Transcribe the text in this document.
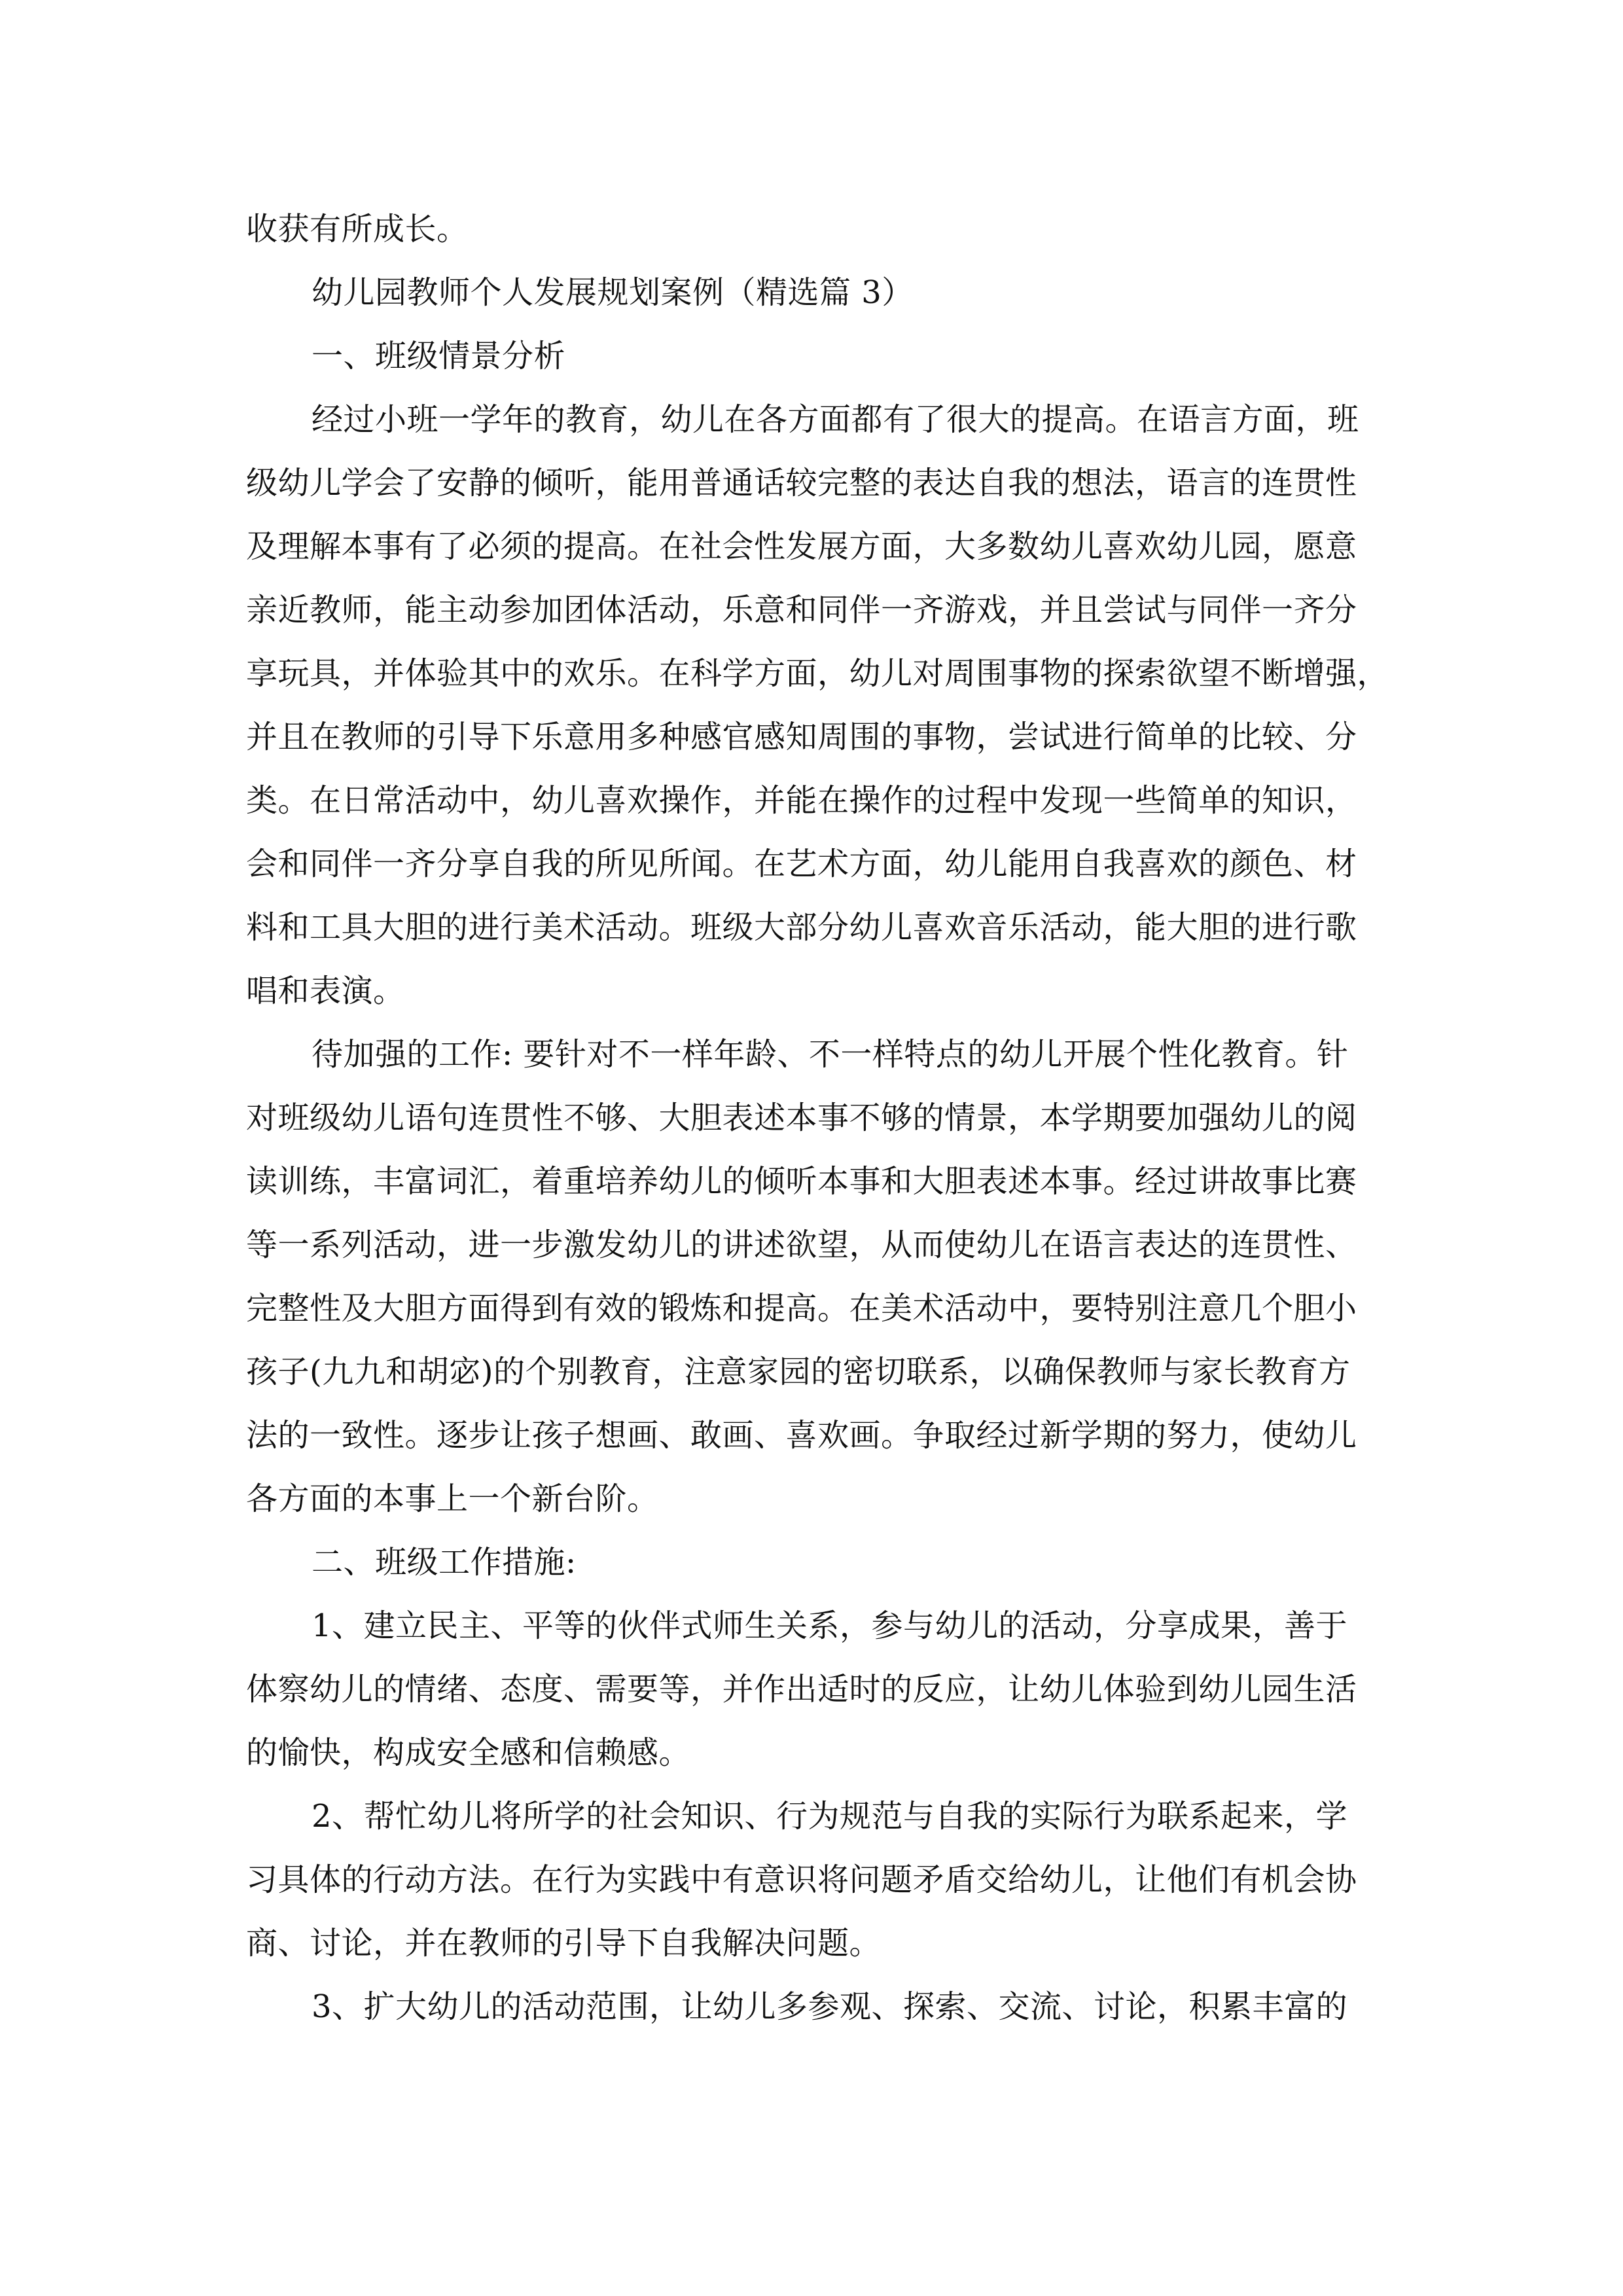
收获有所成长。
幼儿园教师个人发展规划案例（精选篇 3）
一、班级情景分析
经过小班一学年的教育，幼儿在各方面都有了很大的提高。在语言方面，班
级幼儿学会了安静的倾听，能用普通话较完整的表达自我的想法，语言的连贯性
及理解本事有了必须的提高。在社会性发展方面，大多数幼儿喜欢幼儿园，愿意
亲近教师，能主动参加团体活动，乐意和同伴一齐游戏，并且尝试与同伴一齐分
享玩具，并体验其中的欢乐。在科学方面，幼儿对周围事物的探索欲望不断增强，
并且在教师的引导下乐意用多种感官感知周围的事物，尝试进行简单的比较、分
类。在日常活动中，幼儿喜欢操作，并能在操作的过程中发现一些简单的知识，
会和同伴一齐分享自我的所见所闻。在艺术方面，幼儿能用自我喜欢的颜色、材
料和工具大胆的进行美术活动。班级大部分幼儿喜欢音乐活动，能大胆的进行歌
唱和表演。
待加强的工作: 要针对不一样年龄、不一样特点的幼儿开展个性化教育。针
对班级幼儿语句连贯性不够、大胆表述本事不够的情景，本学期要加强幼儿的阅
读训练，丰富词汇，着重培养幼儿的倾听本事和大胆表述本事。经过讲故事比赛
等一系列活动，进一步激发幼儿的讲述欲望，从而使幼儿在语言表达的连贯性、
完整性及大胆方面得到有效的锻炼和提高。在美术活动中，要特别注意几个胆小
孩子(九九和胡宓)的个别教育，注意家园的密切联系，以确保教师与家长教育方
法的一致性。逐步让孩子想画、敢画、喜欢画。争取经过新学期的努力，使幼儿
各方面的本事上一个新台阶。
二、班级工作措施:
1、建立民主、平等的伙伴式师生关系，参与幼儿的活动，分享成果，善于
体察幼儿的情绪、态度、需要等，并作出适时的反应，让幼儿体验到幼儿园生活
的愉快，构成安全感和信赖感。
2、帮忙幼儿将所学的社会知识、行为规范与自我的实际行为联系起来，学
习具体的行动方法。在行为实践中有意识将问题矛盾交给幼儿，让他们有机会协
商、讨论，并在教师的引导下自我解决问题。
3、扩大幼儿的活动范围，让幼儿多参观、探索、交流、讨论，积累丰富的
